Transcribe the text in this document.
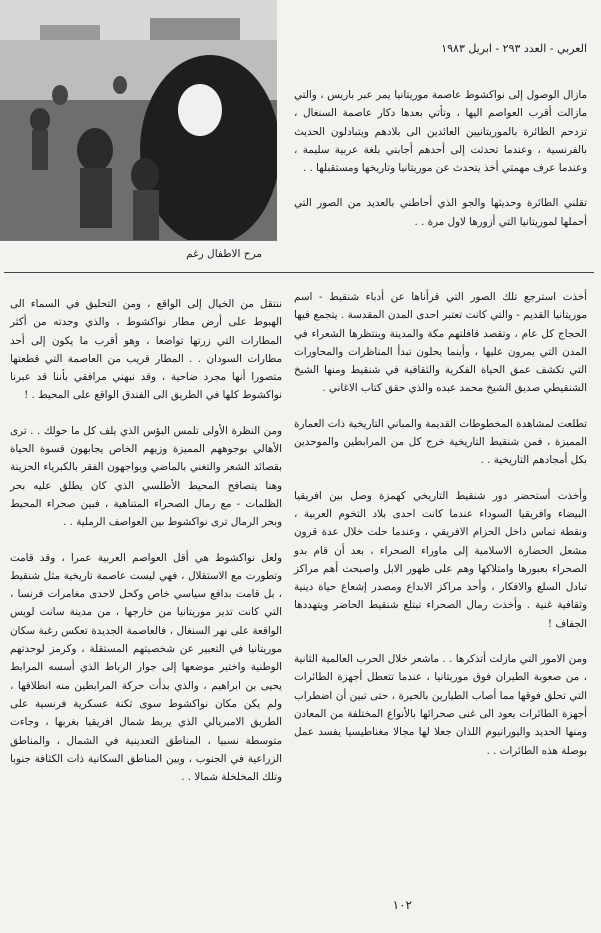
مرح الاطفال رغم
العربي - العدد ٢٩٣ - ابريل ١٩٨٣

مازال الوصول إلى نواكشوط عاصمة موريتانيا يمر عبر باريس ، والتي مازالت أقرب العواصم اليها ، وتأتي بعدها دكار عاصمة السنغال ، تزدحم الطائرة بالموريتانيين العائدين الى بلادهم ويتبادلون الحديث بالفرنسية ، وعندما تحدثت إلى أحدهم أجابني بلغة عربية سليمة ، وعندما عرف مهمتي أخذ يتحدث عن موريتانيا وتاريخها ومستقبلها . .

تقلني الطائرة وحديثها والجو الذي أحاطني بالعديد من الصور التي أحملها لموريتانيا التي أزورها لاول مرة . .

أخذت استرجع تلك الصور التي قرأناها عن أدباء شنقيط - اسم موريتانيا القديم - والتي كانت تعتبر احدى المدن المقدسة . يتجمع فيها الحجاج كل عام ، وتقصد قافلتهم مكة والمدينة وينتظرها الشعراء في المدن التي يمرون عليها ، وأينما يحلون تبدأ المناظرات والمحاورات التي تكشف عمق الحياة الفكرية والثقافية في شنقيط ومنها الشيخ الشنقيطي صديق الشيخ محمد عبده والذي حقق كتاب الاغاني .

تطلعت لمشاهدة المخطوطات القديمة والمباني التاريخية ذات العمارة المميزة ، فمن شنقيط التاريخية خرج كل من المرابطين والموحدين بكل أمجادهم التاريخية . .

وأخذت أستحضر دور شنقيط التاريخي كهمزة وصل بين افريقيا البيضاء وافريقيا السوداء عندما كانت احدى بلاد التخوم العربية ، ونقطة تماس داخل الحزام الافريقي ، وعندما حلت خلال عدة قرون مشعل الحضارة الاسلامية إلى ماوراء الصحراء ، بعد أن قام بدو الصحراء بعبورها وامتلاكها وهم على ظهور الابل واصبحت أهم مراكز تبادل السلع والافكار ، وأحد مراكز الابداع ومصدر إشعاع حياة دينية وثقافية غنية . وأخذت رمال الصحراء تبتلع شنقيط الحاضر ويتهددها الجفاف !

ومن الامور التي مازلت أتذكرها . . ماشعر خلال الحرب العالمية الثانية ، من صعوبة الطيران فوق موريتانيا ، عندما تتعطل أجهزة الطائرات التي تحلق فوقها مما أصاب الطيارين بالحيرة ، حتى تبين أن اضطراب أجهزة الطائرات يعود الى غنى صحرائها بالأنواع المختلفة من المعادن ومنها الحديد واليورانيوم اللذان جعلا لها مجالا مغناطيسيا يفسد عمل بوصلة هذه الطائرات . .

ننتقل من الخيال إلى الواقع ، ومن التحليق في السماء الى الهبوط على أرض مطار نواكشوط ، والذي وجدته من أكثر المطارات التي زرتها تواضعا ، وهو أقرب ما يكون إلى أحد مطارات السودان . . المطار قريب من العاصمة التي قطعتها متصورا أنها مجرد ضاحية ، وقد نبهني مرافقي بأننا قد عبرنا نواكشوط كلها في الطريق الى الفندق الواقع على المحيط . !

ومن النظرة الأولى تلمس البؤس الذي يلف كل ما حولك . . ترى الأهالي بوجوههم المميزة وزيهم الخاص يجابهون قسوة الحياة بقصائد الشعر والتغني بالماضي ويواجهون الفقر بالكبرياء الحزينة وهنا يتصافح المحيط الأطلسي الذي كان يطلق عليه بحر الظلمات - مع رمال الصحراء المتناهية ، فبين صحراء المحيط وبحر الرمال ترى نواكشوط بين العواصف الرملية . .

ولعل نواكشوط هي أقل العواصم العربية عمرا ، وقد قامت وتطورت مع الاستقلال ، فهي ليست عاصمة تاريخية مثل شنقيط ، بل قامت بدافع سياسي خاص وكحل لاحدى مغامرات فرنسا ، التي كانت تدير موريتانيا من خارجها ، من مدينة سانت لويس الواقعة على نهر السنغال ، فالعاصمة الجديدة تعكس رغبة سكان موريتانيا في التعبير عن شخصيتهم المستقلة ، وكرمز لوحدتهم الوطنية واختير موضعها إلى جوار الرباط الذي أسسه المرابط يحيى بن ابراهيم ، والذي بدأت حركة المرابطين منه انطلاقها ، ولم يكن مكان نواكشوط سوى ثكنة عسكرية فرنسية على الطريق الامبريالي الذي يربط شمال افريقيا بغربها ، وجاءت متوسطة نسبيا ، المناطق التعدينية في الشمال ، والمناطق الزراعية في الجنوب ، وبين المناطق السكانية ذات الكثافة جنوبا وتلك المخلخلة شمالا . .

١٠٢
